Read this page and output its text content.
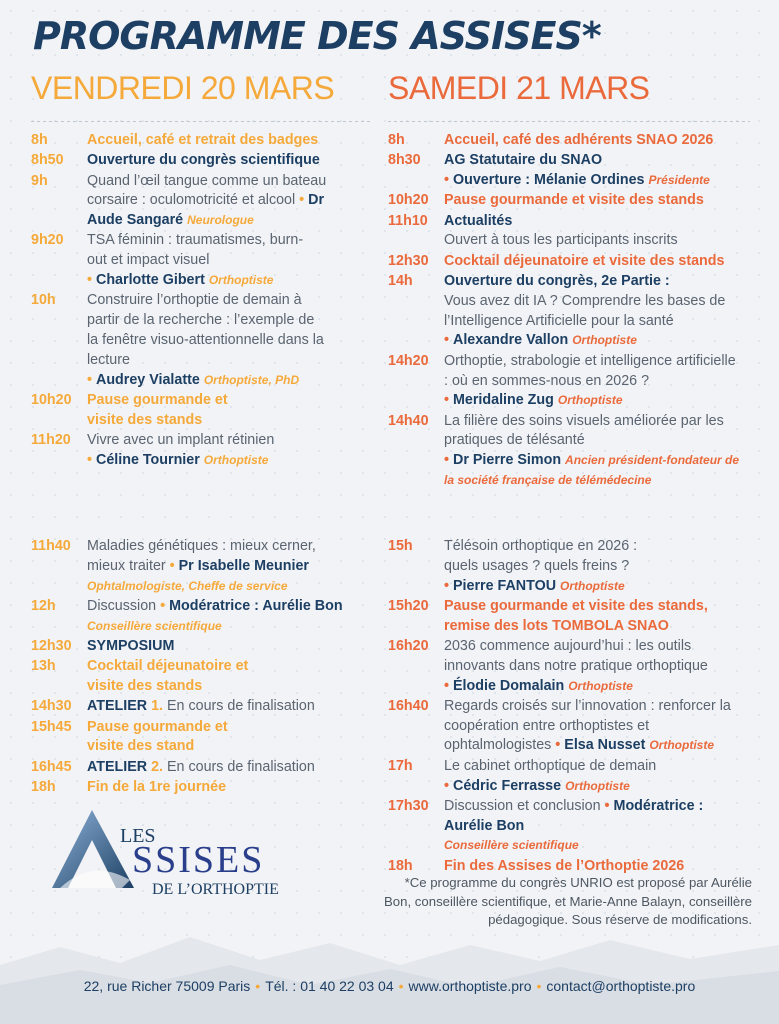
PROGRAMME DES ASSISES*
VENDREDI 20 MARS SAMEDI 21 MARS
8h	Accueil, café et retrait des badges
8h50	Ouverture du congrès scientifique
9h	Quand l’œil tangue comme un bateau corsaire : oculomotricité et alcool • Dr Aude Sangaré Neurologue
9h20	TSA féminin : traumatismes, burn-out et impact visuel
• Charlotte Gibert Orthoptiste
10h	Construire l’orthoptie de demain à partir de la recherche : l’exemple de la fenêtre visuo-attentionnelle dans la lecture
• Audrey Vialatte Orthoptiste, PhD
10h20	Pause gourmande et visite des stands
11h20	Vivre avec un implant rétinien
• Céline Tournier Orthoptiste
11h40	Maladies génétiques : mieux cerner, mieux traiter • Pr Isabelle Meunier
Ophtalmologiste, Cheffe de service
12h	Discussion • Modératrice : Aurélie Bon
Conseillère scientifique
12h30	SYMPOSIUM
13h	Cocktail déjeunatoire et visite des stands
14h30	ATELIER 1. En cours de finalisation
15h45	Pause gourmande et visite des stand
16h45	ATELIER 2. En cours de finalisation
18h	Fin de la 1re journée
8h	Accueil, café des adhérents SNAO 2026
8h30	AG Statutaire du SNAO
• Ouverture : Mélanie Ordines Présidente
10h20	Pause gourmande et visite des stands
11h10	Actualités
Ouvert à tous les participants inscrits
12h30	Cocktail déjeunatoire et visite des stands
14h	Ouverture du congrès, 2e Partie :
Vous avez dit IA ? Comprendre les bases de l’Intelligence Artificielle pour la santé
• Alexandre Vallon Orthoptiste
14h20	Orthoptie, strabologie et intelligence artificielle : où en sommes-nous en 2026 ?
• Meridaline Zug Orthoptiste
14h40	La filière des soins visuels améliorée par les pratiques de télésanté
• Dr Pierre Simon Ancien président-fondateur de la société française de télémédecine
15h	Télésoin orthoptique en 2026 : quels usages ? quels freins ?
• Pierre FANTOU Orthoptiste
15h20	Pause gourmande et visite des stands, remise des lots TOMBOLA SNAO
16h20	2036 commence aujourd’hui : les outils innovants dans notre pratique orthoptique
• Élodie Domalain Orthoptiste
16h40	Regards croisés sur l’innovation : renforcer la coopération entre orthoptistes et ophtalmologistes • Elsa Nusset Orthoptiste
17h	Le cabinet orthoptique de demain
• Cédric Ferrasse Orthoptiste
17h30	Discussion et conclusion • Modératrice : Aurélie Bon
Conseillère scientifique
18h	Fin des Assises de l’Orthoptie 2026
LES
SSISES
DE L’ORTHOPTIE	*Ce programme du congrès UNRIO est proposé par Aurélie Bon, conseillère scientifique, et Marie-Anne Balayn, conseillère pédagogique. Sous réserve de modifications.
22, rue Richer 75009 Paris • Tél. : 01 40 22 03 04 • www.orthoptiste.pro • contact@orthoptiste.pro
